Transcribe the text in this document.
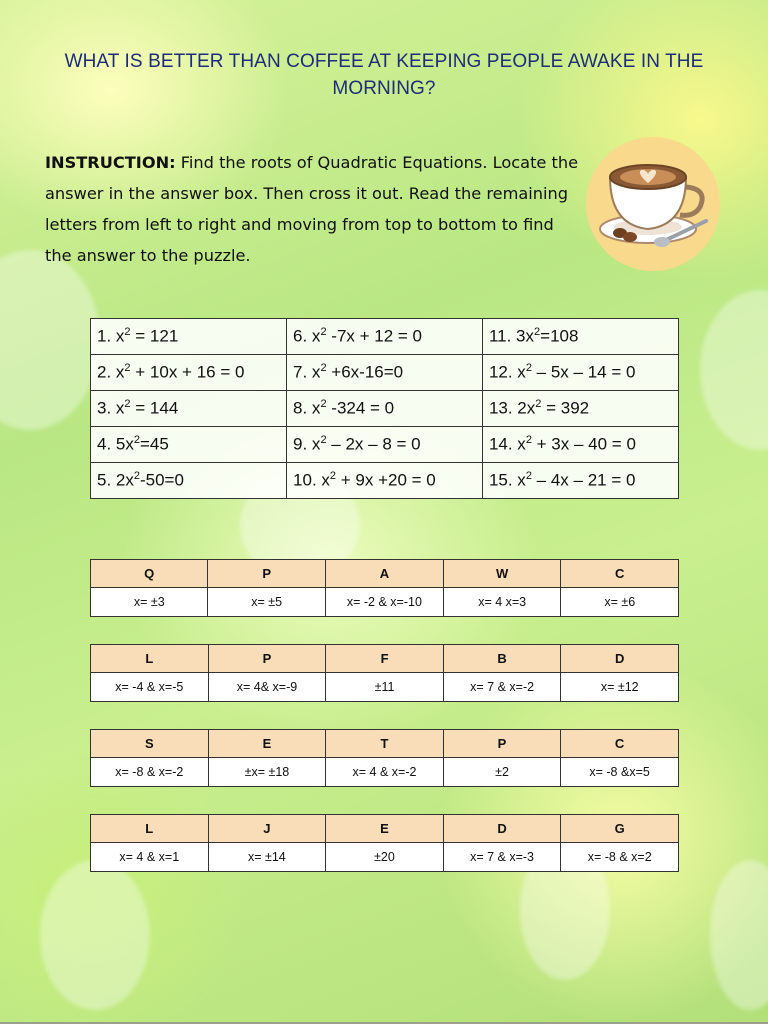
WHAT IS BETTER THAN COFFEE AT KEEPING PEOPLE AWAKE IN THE MORNING?

INSTRUCTION: Find the roots of Quadratic Equations. Locate the answer in the answer box. Then cross it out. Read the remaining letters from left to right and moving from top to bottom to find the answer to the puzzle.

1. $x^2 = 121$	6. $x^2$ -7x + 12 = 0	11. $3x^2=108$
2. $x^2 + 10x + 16 = 0$	7. $x^2 +6x-16=0$	12. $x^2 - 5x - 14 = 0$
3. $x^2 = 144$	8. $x^2$ -324 = 0	13. $2x^2 = 392$
4. $5x^2=45$	9. $x^2 - 2x - 8 = 0$	14. $x^2 + 3x - 40 = 0$
5. $2x^2-50=0$	10. $x^2 + 9x +20 = 0$	15. $x^2 - 4x - 21 = 0$
Q	P	A	W	C
x= ±3	x= ±5	x= -2 & x=-10	x= 4 x=3	x= ±6
L	P	F	B	D
x= -4 & x=-5	x= 4& x=-9	±11	x= 7 & x=-2	x= ±12
S	E	T	P	C
x= -8 & x=-2	±x= ±18	x= 4 & x=-2	±2	x= -8 &x=5
L	J	E	D	G
x= 4 & x=1	x= ±14	±20	x= 7 & x=-3	x= -8 & x=2
